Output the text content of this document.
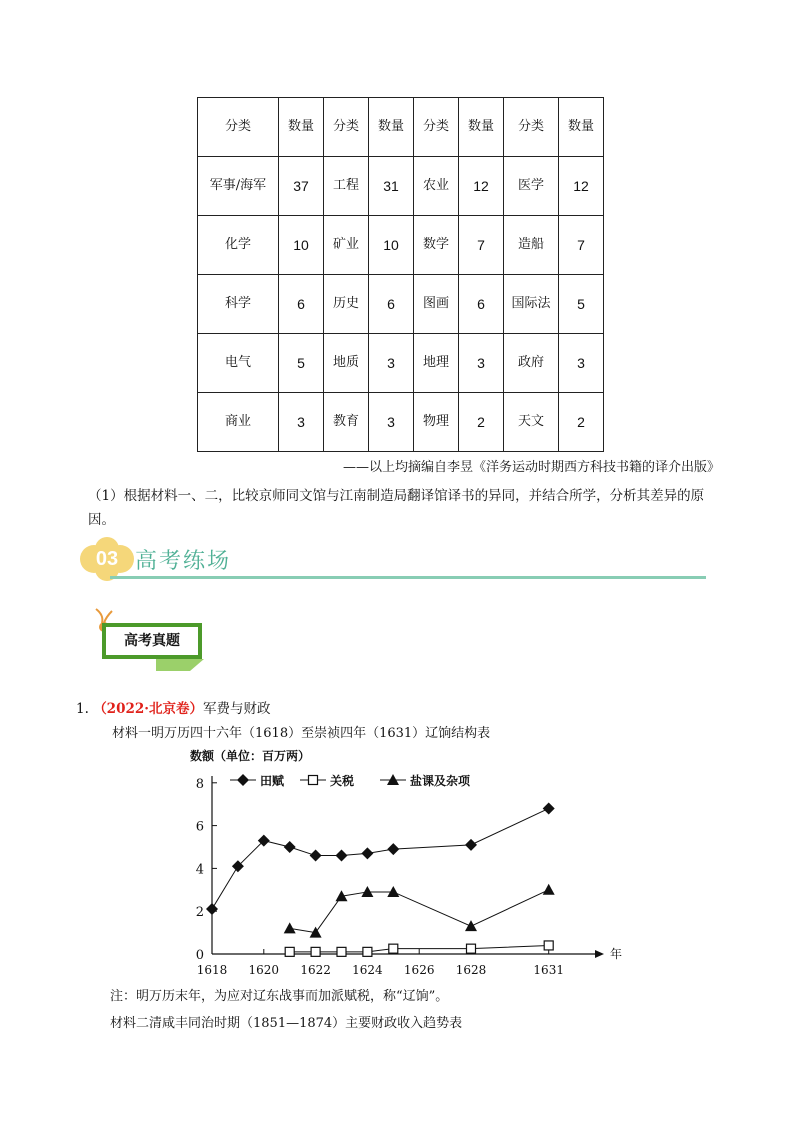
分类	数量	分类	数量	分类	数量	分类	数量
军事/海军	37	工程	31	农业	12	医学	12
化学	10	矿业	10	数学	7	造船	7
科学	6	历史	6	图画	6	国际法	5
电气	5	地质	3	地理	3	政府	3
商业	3	教育	3	物理	2	天文	2
——以上均摘编自李昱《洋务运动时期西方科技书籍的译介出版》
（1）根据材料一、二，比较京师同文馆与江南制造局翻译馆译书的异同，并结合所学，分析其差异的原因。
03 高考练场
高考真题
1. （2022·北京卷）军费与财政
材料一明万历四十六年（1618）至崇祯四年（1631）辽饷结构表
年
数额（单位：百万两）
0
2
4
6
8
1618 1620 1622 1624 1626 1628	1631
田赋	关税	盐课及杂项
注：明万历末年，为应对辽东战事而加派赋税，称“辽饷”。
材料二清咸丰同治时期（1851—1874）主要财政收入趋势表
